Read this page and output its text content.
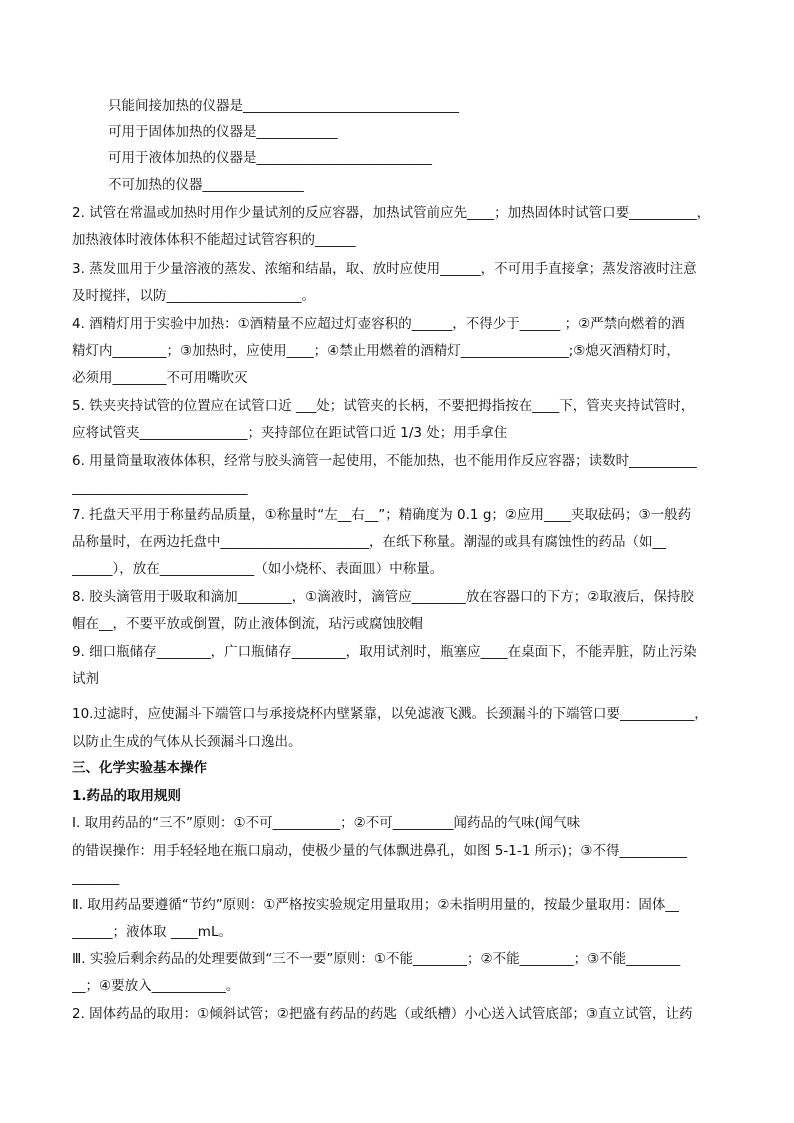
只能间接加热的仪器是________________________________
可用于固体加热的仪器是____________
可用于液体加热的仪器是__________________________
不可加热的仪器_______________
2. 试管在常温或加热时用作少量试剂的反应容器，加热试管前应先____；加热固体时试管口要__________，
加热液体时液体体积不能超过试管容积的______
3. 蒸发皿用于少量溶液的蒸发、浓缩和结晶，取、放时应使用______，不可用手直接拿；蒸发溶液时注意
及时搅拌，以防____________________。
4. 酒精灯用于实验中加热：①酒精量不应超过灯壶容积的______，不得少于______ ；②严禁向燃着的酒
精灯内________；③加热时，应使用____；④禁止用燃着的酒精灯________________;⑤熄灭酒精灯时，
必须用________不可用嘴吹灭
5. 铁夹夹持试管的位置应在试管口近 ___处；试管夹的长柄，不要把拇指按在____下，管夹夹持试管时，
应将试管夹________________；夹持部位在距试管口近 1/3 处；用手拿住
6. 用量筒量取液体体积，经常与胶头滴管一起使用，不能加热，也不能用作反应容器；读数时__________
__________________________
7. 托盘天平用于称量药品质量，①称量时“左__右__”；精确度为 0.1 g；②应用____夹取砝码；③一般药
品称量时，在两边托盘中______________________，在纸下称量。潮湿的或具有腐蚀性的药品（如__
______），放在______________（如小烧杯、表面皿）中称量。
8. 胶头滴管用于吸取和滴加________，①滴液时，滴管应________放在容器口的下方；②取液后，保持胶
帽在__，不要平放或倒置，防止液体倒流，玷污或腐蚀胶帽
9. 细口瓶储存________，广口瓶储存________，取用试剂时，瓶塞应____在桌面下，不能弄脏，防止污染
试剂
10.过滤时，应使漏斗下端管口与承接烧杯内壁紧靠，以免滤液飞溅。长颈漏斗的下端管口要___________，
以防止生成的气体从长颈漏斗口逸出。
三、化学实验基本操作
1.药品的取用规则
Ⅰ. 取用药品的“三不”原则：①不可__________；②不可_________闻药品的气味(闻气味
的错误操作：用手轻轻地在瓶口扇动，使极少量的气体飘进鼻孔，如图 5-1-1 所示)；③不得__________
_______
Ⅱ. 取用药品要遵循“节约”原则：①严格按实验规定用量取用；②未指明用量的，按最少量取用：固体__
______；液体取 ____mL。
Ⅲ. 实验后剩余药品的处理要做到“三不一要”原则：①不能________；②不能________；③不能________
__；④要放入___________。
2. 固体药品的取用：①倾斜试管；②把盛有药品的药匙（或纸槽）小心送入试管底部；③直立试管，让药
